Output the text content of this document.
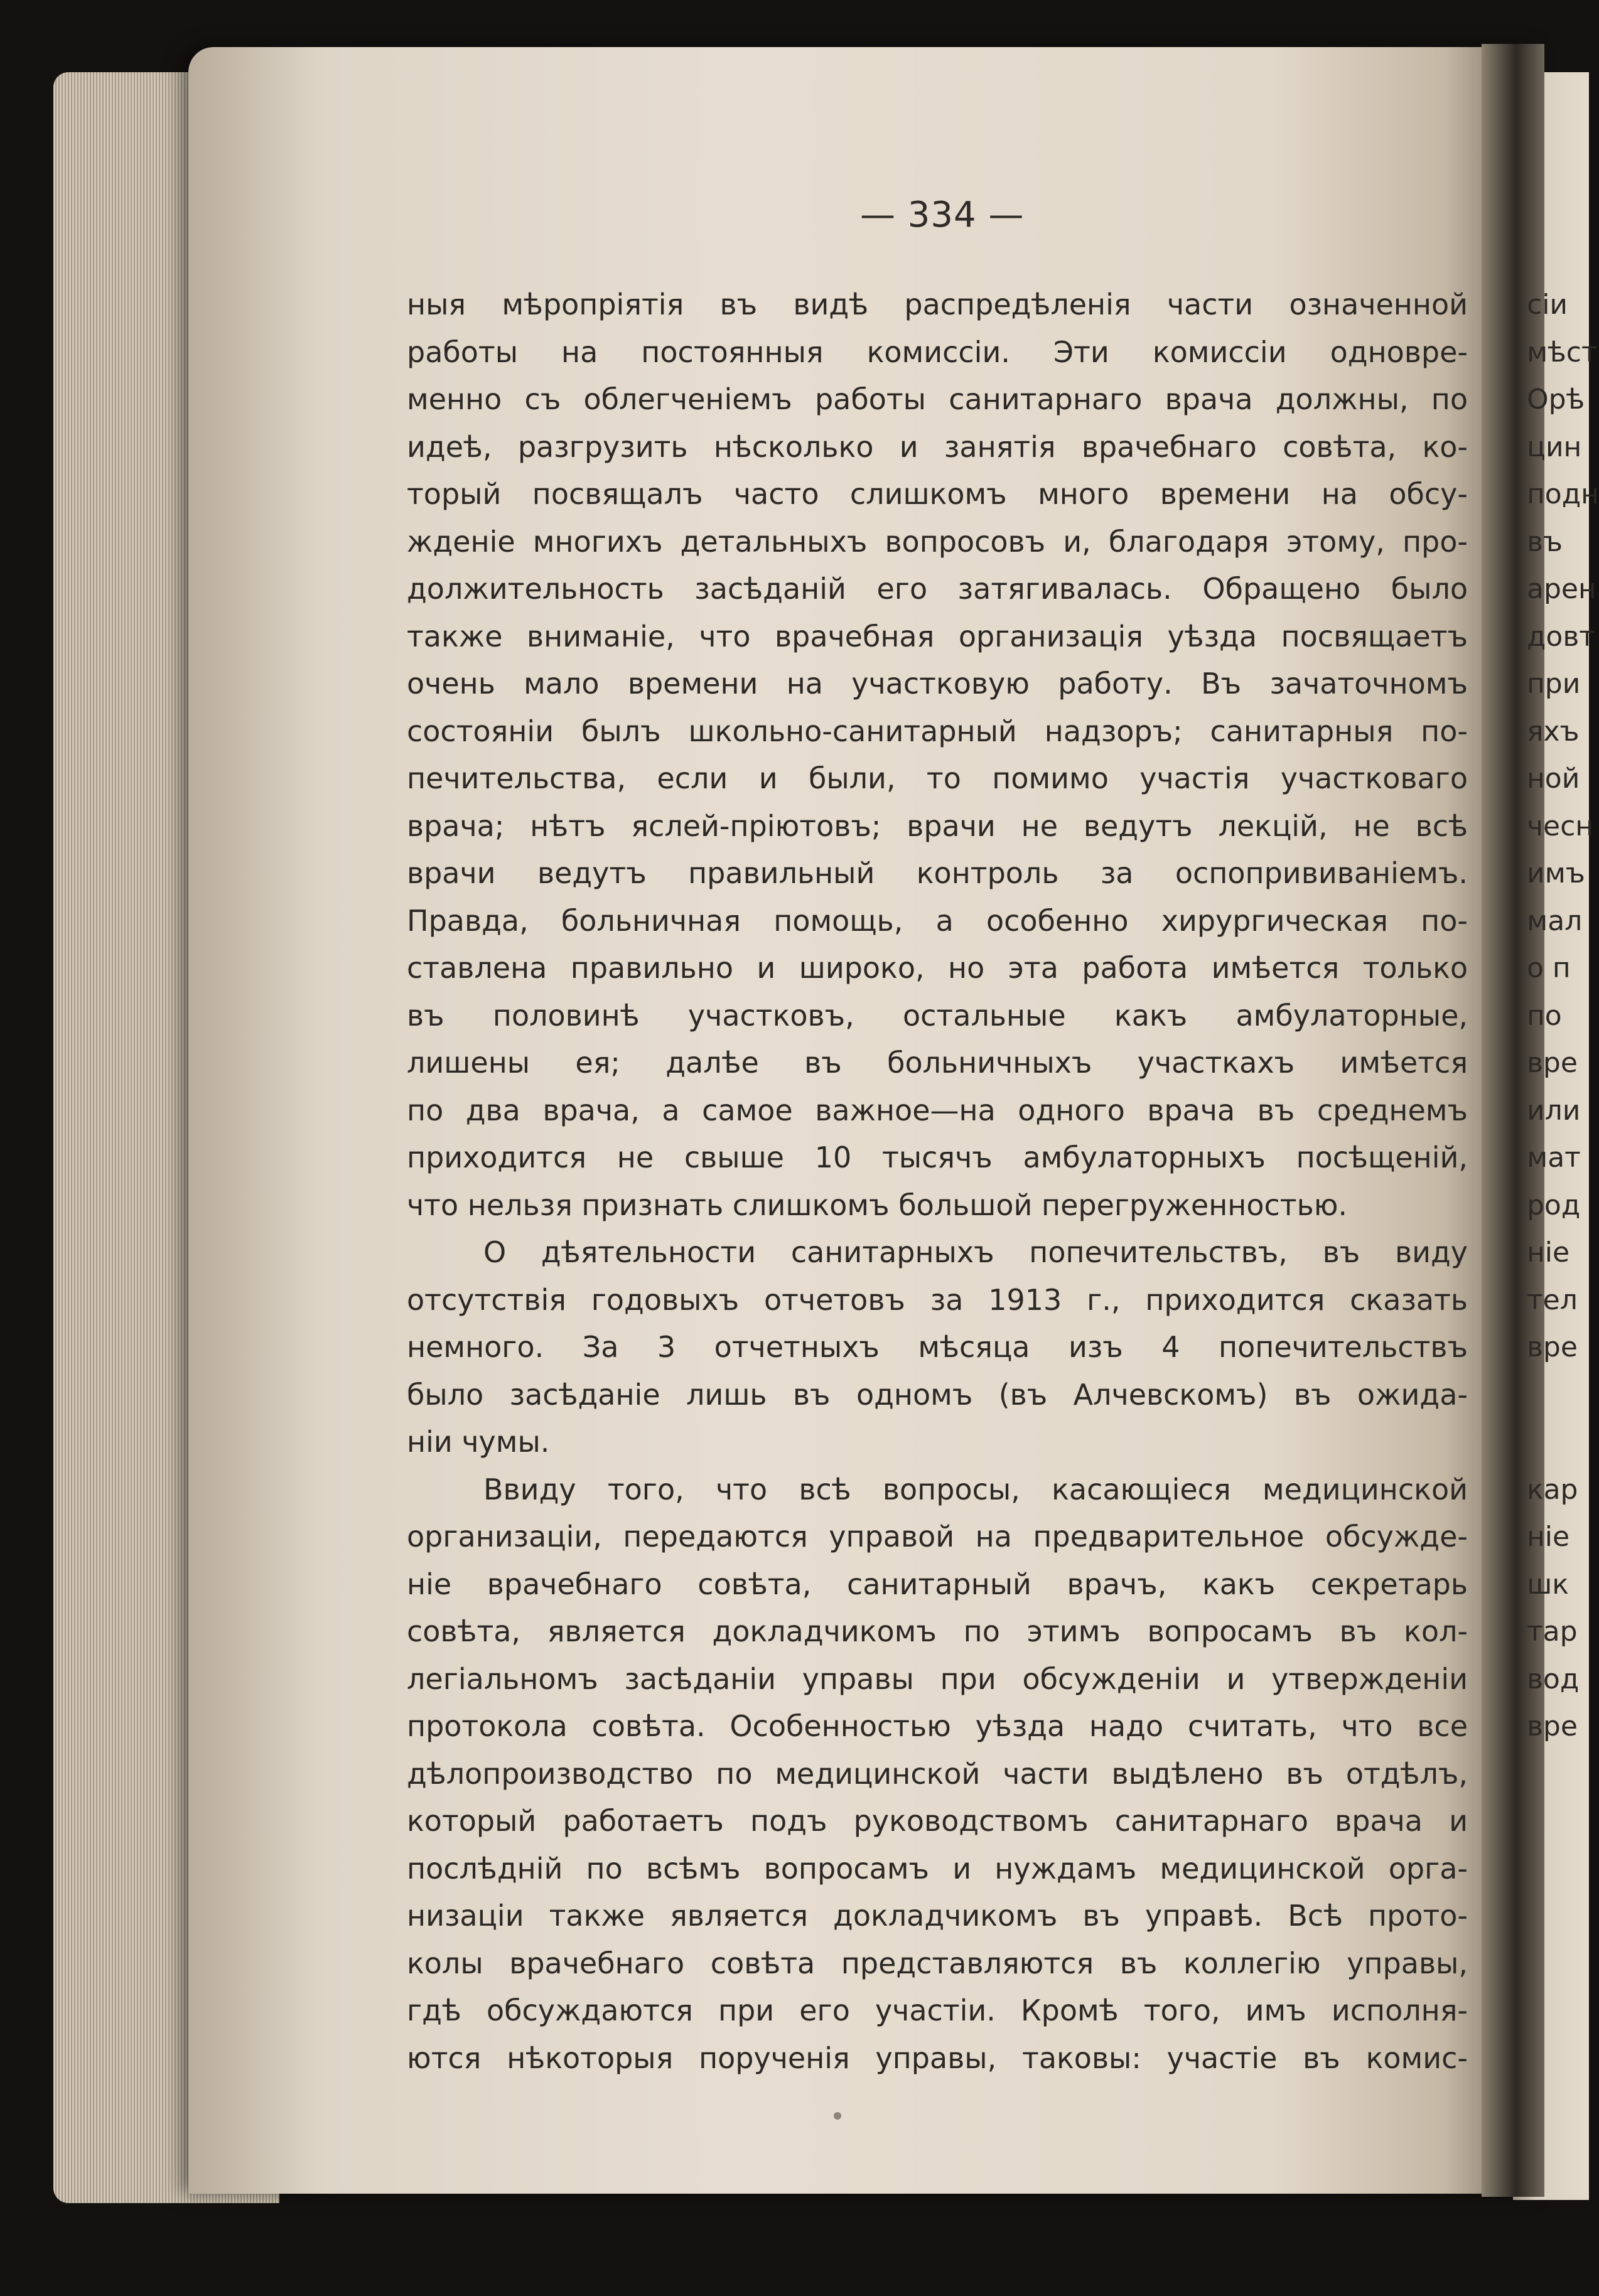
— 334 —
ныя мѣропріятія въ видѣ распредѣленія части означенной
работы на постоянныя комиссіи. Эти комиссіи одновре-
менно съ облегченіемъ работы санитарнаго врача должны, по
идеѣ, разгрузить нѣсколько и занятія врачебнаго совѣта, ко-
торый посвящалъ часто слишкомъ много времени на обсу-
жденіе многихъ детальныхъ вопросовъ и, благодаря этому, про-
должительность засѣданій его затягивалась. Обращено было
также вниманіе, что врачебная организація уѣзда посвящаетъ
очень мало времени на участковую работу. Въ зачаточномъ
состояніи былъ школьно-санитарный надзоръ; санитарныя по-
печительства, если и были, то помимо участія участковаго
врача; нѣтъ яслей-пріютовъ; врачи не ведутъ лекцій, не всѣ
врачи ведутъ правильный контроль за оспопрививаніемъ.
Правда, больничная помощь, а особенно хирургическая по-
ставлена правильно и широко, но эта работа имѣется только
въ половинѣ участковъ, остальные какъ амбулаторные,
лишены ея; далѣе въ больничныхъ участкахъ имѣется
по два врача, а самое важное—на одного врача въ среднемъ
приходится не свыше 10 тысячъ амбулаторныхъ посѣщеній,
что нельзя признать слишкомъ большой перегруженностью.
О дѣятельности санитарныхъ попечительствъ, въ виду
отсутствія годовыхъ отчетовъ за 1913 г., приходится сказать
немного. За 3 отчетныхъ мѣсяца изъ 4 попечительствъ
было засѣданіе лишь въ одномъ (въ Алчевскомъ) въ ожида-
ніи чумы.
Ввиду того, что всѣ вопросы, касающіеся медицинской
организаціи, передаются управой на предварительное обсужде-
ніе врачебнаго совѣта, санитарный врачъ, какъ секретарь
совѣта, является докладчикомъ по этимъ вопросамъ въ кол-
легіальномъ засѣданіи управы при обсужденіи и утвержденіи
протокола совѣта. Особенностью уѣзда надо считать, что все
дѣлопроизводство по медицинской части выдѣлено въ отдѣлъ,
который работаетъ подъ руководствомъ санитарнаго врача и
послѣдній по всѣмъ вопросамъ и нуждамъ медицинской орга-
низаціи также является докладчикомъ въ управѣ. Всѣ прото-
колы врачебнаго совѣта представляются въ коллегію управы,
гдѣ обсуждаются при его участіи. Кромѣ того, имъ исполня-
ются нѣкоторыя порученія управы, таковы: участіе въ комис-
сіи
мѣст
Орѣ
цин
подн
въ
арен
довт
при
яхъ
ной
чесн
имъ
мал
о п
по
вре
или
мат
род
ніе
тел
вре

кар
ніе
шк
тар
вод
вре
